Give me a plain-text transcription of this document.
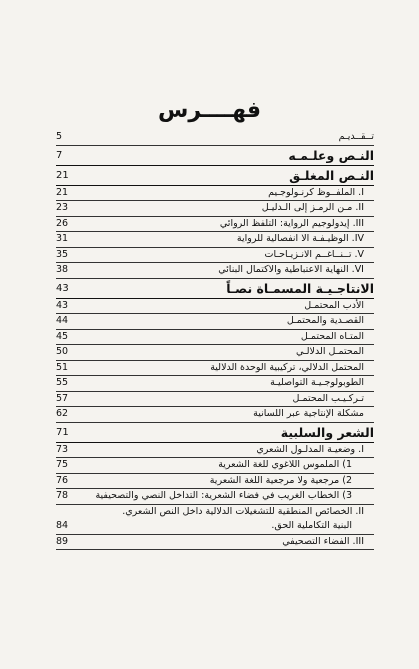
فهــــرس
تــقــديـم
5
النـص وعلـمـه
7
النـص المغلـق
21
I. الملفــوظ كرنـولوجـيم
21
II. مـن الرمـز إلى الـدليـل
23
III. إيدولوجيم الرواية: التلفظ الروائي
26
IV. الوظيـفـة الا انفصالية للرواية
31
V. تــنــاغــم الانـزيـاحـات
35
VI. النهاية الاعتباطية والاكتمال البنائي
38
الانتاجـيـة المسمـاة نصـاً
43
الأدب المحتمـل
43
القصـدية والمحتمـل
44
المتـاه المحتمـل
45
المحتمـل الدلالـي
50
المحتمل الدلالي، تركيبية الوحدة الدلالية
51
الطوبولوجـيـة التواصليـة
55
تـركـيـب المحتمـل
57
مشكلة الإنتاجية عبر اللسانية
62
الشعر والسلبية
71
I. وضعيـة المدلـول الشعري
73
1) الملموس اللاغوي للغة الشعرية
75
2) مرجعية ولا مرجعية اللغة الشعرية
76
3) الخطاب الغريب في فضاء الشعرية: التداخل النصي والتصحيفية
78
II. الخصائص المنطقية للتشغيلات الدلالية داخل النص الشعري.
البنية التكاملية الحق.
84
III. الفضاء التصحيفي
89
